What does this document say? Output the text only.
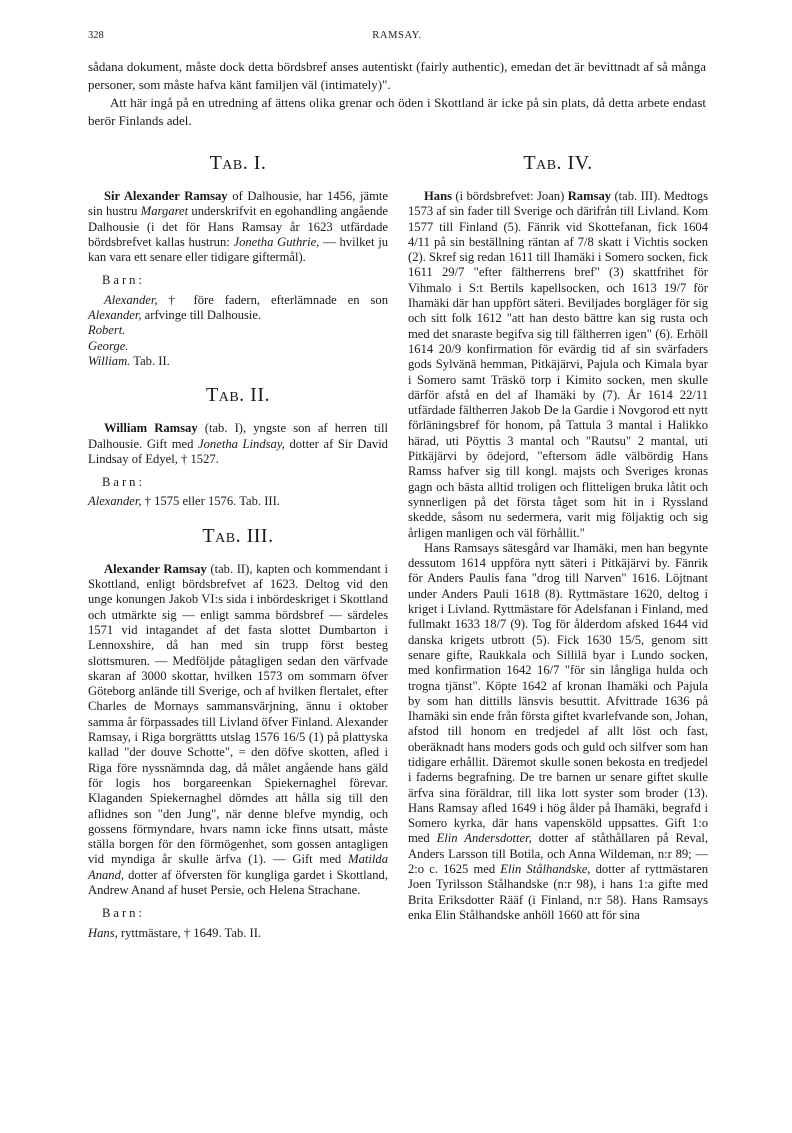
328	RAMSAY.

sådana dokument, måste dock detta bördsbref anses autentiskt (fairly authentic), emedan det är bevittnadt af så många personer, som måste hafva känt familjen väl (intimately)".

Att här ingå på en utredning af ättens olika grenar och öden i Skottland är icke på sin plats, då detta arbete endast berör Finlands adel.

Tab. I.

Sir Alexander Ramsay of Dalhousie, har 1456, jämte sin hustru Margaret underskrifvit en egohandling angående Dalhousie (i det för Hans Ramsay år 1623 utfärdade bördsbrefvet kallas hustrun: Jonetha Guthrie, — hvilket ju kan vara ett senare eller tidigare giftermål).

Barn:

Alexander, † före fadern, efterlämnade en son Alexander, arfvinge till Dalhousie.

Robert.

George.

William. Tab. II.

Tab. II.

William Ramsay (tab. I), yngste son af herren till Dalhousie. Gift med Jonetha Lindsay, dotter af Sir David Lindsay of Edyel, † 1527.

Barn:

Alexander, † 1575 eller 1576. Tab. III.

Tab. III.

Alexander Ramsay (tab. II), kapten och kommendant i Skottland, enligt bördsbrefvet af 1623. Deltog vid den unge konungen Jakob VI:s sida i inbördeskriget i Skottland och utmärkte sig — enligt samma bördsbref — särdeles 1571 vid intagandet af det fasta slottet Dumbarton i Lennoxshire, då han med sin trupp först besteg slottsmuren. — Medföljde påtagligen sedan den värfvade skaran af 3000 skottar, hvilken 1573 om sommarn öfver Göteborg anlände till Sverige, och af hvilken flertalet, efter Charles de Mornays sammansvärjning, ännu i oktober samma år förpassades till Livland öfver Finland. Alexander Ramsay, i Riga borgrättts utslag 1576 16/5 (1) på plattyska kallad "der douve Schotte", = den döfve skotten, afled i Riga före nyssnämnda dag, då målet angående hans gäld för logis hos borgareenkan Spiekernaghel förevar. Klaganden Spiekernaghel dömdes att hålla sig till den aflidnes son "den Jung", när denne blefve myndig, och gossens förmyndare, hvars namn icke finns utsatt, måste ställa borgen för den förmögenhet, som gossen antagligen vid myndiga år skulle ärfva (1). — Gift med Matilda Anand, dotter af öfversten för kungliga gardet i Skottland, Andrew Anand af huset Persie, och Helena Strachane.

Barn:

Hans, ryttmästare, † 1649. Tab. II.

Tab. IV.

Hans (i bördsbrefvet: Joan) Ramsay (tab. III). Medtogs 1573 af sin fader till Sverige och därifrån till Livland. Kom 1577 till Finland (5). Fänrik vid Skottefanan, fick 1604 4/11 på sin beställning räntan af 7/8 skatt i Vichtis socken (2). Skref sig redan 1611 till Ihamäki i Somero socken, fick 1611 29/7 "efter fältherrens bref" (3) skattfrihet för Vihmalo i S:t Bertils kapellsocken, och 1613 19/7 för Ihamäki där han uppfört säteri. Beviljades borgläger för sig och sitt folk 1612 "att han desto bättre kan sig rusta och med det snaraste begifva sig till fältherren igen" (6). Erhöll 1614 20/9 konfirmation för evärdig tid af sin svärfaders gods Sylvänä hemman, Pitkäjärvi, Pajula och Kimala byar i Somero samt Träskö torp i Kimito socken, men skulle därför afstå en del af Ihamäki by (7). År 1614 22/11 utfärdade fältherren Jakob De la Gardie i Novgorod ett nytt förläningsbref för honom, på Tattula 3 mantal i Halikko härad, uti Pöyttis 3 mantal och "Rautsu" 2 mantal, uti Pitkäjärvi by ödejord, "eftersom ädle välbördig Hans Ramss hafver sig till kongl. majsts och Sveriges kronas gagn och bästa alltid troligen och flitteligen bruka låtit och synnerligen på det första tåget som hit in i Ryssland skedde, såsom nu sedermera, varit mig följaktig och sig årligen manligen och väl förhållit."

Hans Ramsays sätesgård var Ihamäki, men han begynte dessutom 1614 uppföra nytt säteri i Pitkäjärvi by. Fänrik för Anders Paulis fana "drog till Narven" 1616. Löjtnant under Anders Pauli 1618 (8). Ryttmästare 1620, deltog i kriget i Livland. Ryttmästare för Adelsfanan i Finland, med fullmakt 1633 18/7 (9). Tog för ålderdom afsked 1644 vid danska krigets utbrott (5). Fick 1630 15/5, genom sitt senare gifte, Raukkala och Sillilä byar i Lundo socken, med konfirmation 1642 16/7 "för sin långliga hulda och trogna tjänst". Köpte 1642 af kronan Ihamäki och Pajula by som han dittills länsvis besuttit. Afvittrade 1636 på Ihamäki sin ende från första giftet kvarlefvande son, Johan, afstod till honom en tredjedel af allt löst och fast, oberäknadt hans moders gods och guld och silfver som han tidigare erhållit. Däremot skulle sonen bekosta en tredjedel i faderns begrafning. De tre barnen ur senare giftet skulle ärfva sina föräldrar, till lika lott syster som broder (13). Hans Ramsay afled 1649 i hög ålder på Ihamäki, begrafd i Somero kyrka, där hans vapensköld uppsattes. Gift 1:o med Elin Andersdotter, dotter af ståthållaren på Reval, Anders Larsson till Botila, och Anna Wildeman, n:r 89; — 2:o c. 1625 med Elin Stålhandske, dotter af ryttmästaren Joen Tyrilsson Stålhandske (n:r 98), i hans 1:a gifte med Brita Eriksdotter Rääf (i Finland, n:r 58). Hans Ramsays enka Elin Stålhandske anhöll 1660 att för sina
